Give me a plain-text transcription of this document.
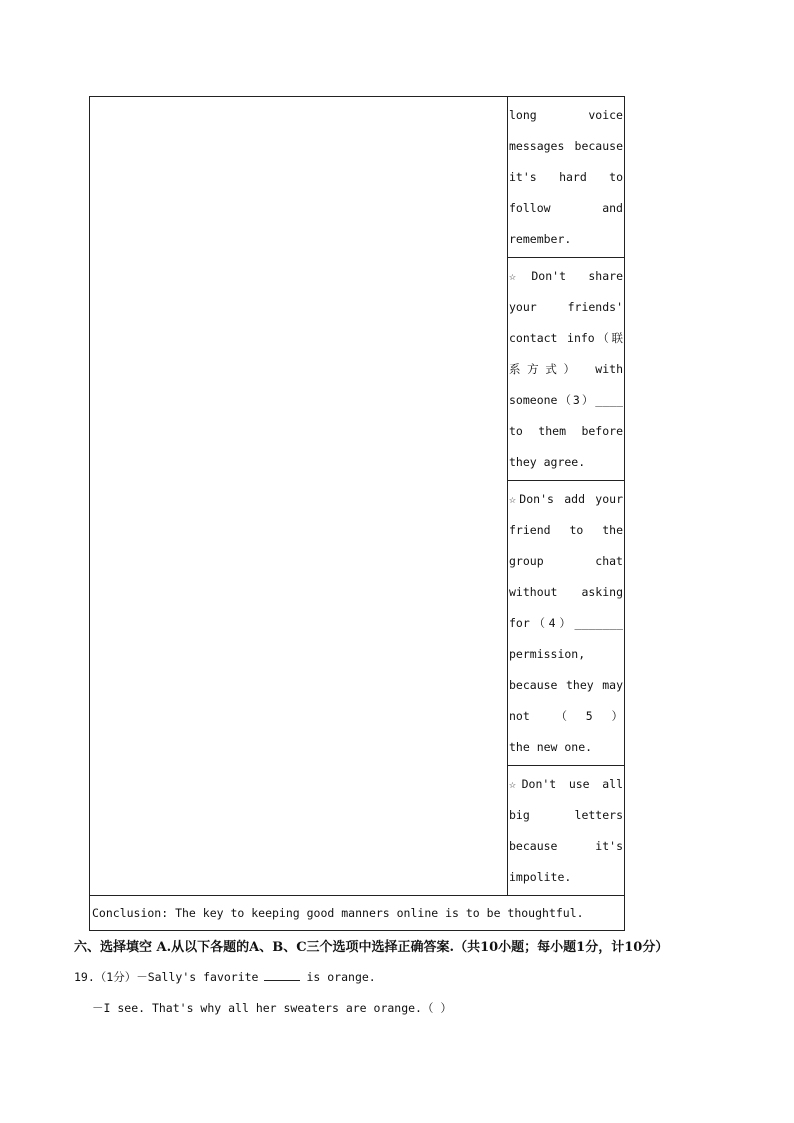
long voice
messages because
it's hard to
follow and
remember.

☆Don't share
your friends'
contact info（联
系方式） with
someone（3）____
to them before
they agree.

☆Don's add your
friend to the
group chat
without asking
for（4）_______
permission,
because they may
not （5）
the new one.

☆Don't use all
big letters
because it's
impolite.

Conclusion: The key to keeping good manners online is to be thoughtful.
六、选择填空 A.从以下各题的A、B、C三个选项中选择正确答案.（共10小题；每小题1分，计10分）
19.（1分）－Sally's favorite	is orange.
－I see. That's why all her sweaters are orange.（ ）
